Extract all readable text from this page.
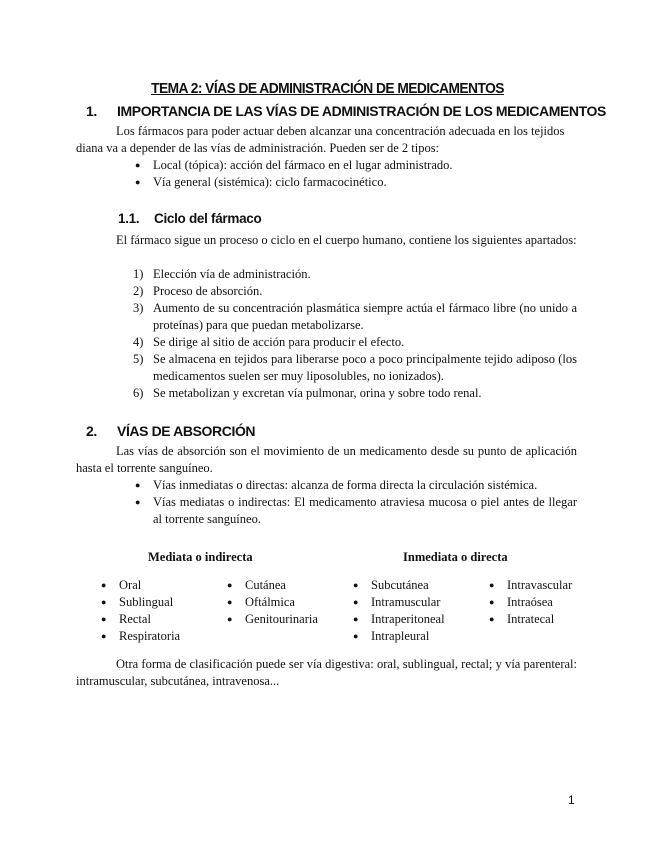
TEMA 2: VÍAS DE ADMINISTRACIÓN DE MEDICAMENTOS
1. IMPORTANCIA DE LAS VÍAS DE ADMINISTRACIÓN DE LOS MEDICAMENTOS
Los fármacos para poder actuar deben alcanzar una concentración adecuada en los tejidos
diana va a depender de las vías de administración. Pueden ser de 2 tipos:
● Local (tópica): acción del fármaco en el lugar administrado.
● Vía general (sistémica): ciclo farmacocinético.
1.1. Ciclo del fármaco
El fármaco sigue un proceso o ciclo en el cuerpo humano, contiene los siguientes apartados:
1) Elección vía de administración.
2) Proceso de absorción.
3) Aumento de su concentración plasmática siempre actúa el fármaco libre (no unido a proteínas) para que puedan metabolizarse.
4) Se dirige al sitio de acción para producir el efecto.
5) Se almacena en tejidos para liberarse poco a poco principalmente tejido adiposo (los medicamentos suelen ser muy liposolubles, no ionizados).
6) Se metabolizan y excretan vía pulmonar, orina y sobre todo renal.
2. VÍAS DE ABSORCIÓN
Las vías de absorción son el movimiento de un medicamento desde su punto de aplicación hasta el torrente sanguíneo.
● Vías inmediatas o directas: alcanza de forma directa la circulación sistémica.
● Vías mediatas o indirectas: El medicamento atraviesa mucosa o piel antes de llegar al torrente sanguíneo.
Mediata o indirecta	Inmediata o directa
● Oral
● Sublingual
● Rectal
● Respiratoria
● Cutánea
● Oftálmica
● Genitourinaria
● Subcutánea
● Intramuscular
● Intraperitoneal
● Intrapleural
● Intravascular
● Intraósea
● Intratecal
Otra forma de clasificación puede ser vía digestiva: oral, sublingual, rectal; y vía parenteral: intramuscular, subcutánea, intravenosa...
1
